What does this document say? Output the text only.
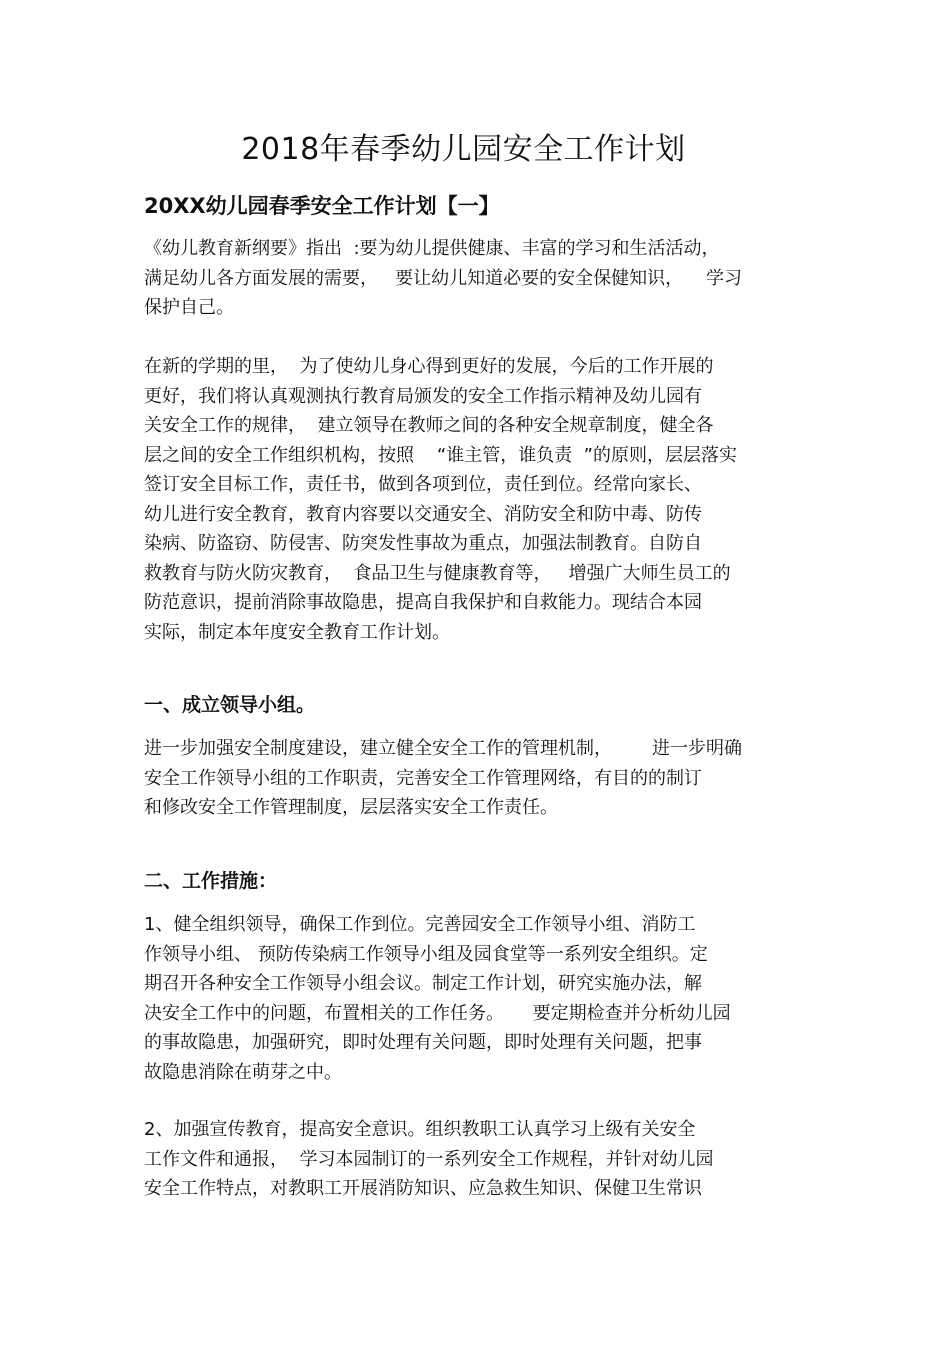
2018年春季幼儿园安全工作计划
20XX幼儿园春季安全工作计划【一】
《幼儿教育新纲要》指出  :要为幼儿提供健康、丰富的学习和生活活动，
满足幼儿各方面发展的需要，   要让幼儿知道必要的安全保健知识，    学习
保护自己。
在新的学期的里，  为了使幼儿身心得到更好的发展，今后的工作开展的
更好，我们将认真观测执行教育局颁发的安全工作指示精神及幼儿园有
关安全工作的规律，  建立领导在教师之间的各种安全规章制度，健全各
层之间的安全工作组织机构，按照    “谁主管，谁负责  ”的原则，层层落实
签订安全目标工作，责任书，做到各项到位，责任到位。经常向家长、
幼儿进行安全教育，教育内容要以交通安全、消防安全和防中毒、防传
染病、防盗窃、防侵害、防突发性事故为重点，加强法制教育。自防自
救教育与防火防灾教育，  食品卫生与健康教育等，   增强广大师生员工的
防范意识，提前消除事故隐患，提高自我保护和自救能力。现结合本园
实际，制定本年度安全教育工作计划。
一、成立领导小组。
进一步加强安全制度建设，建立健全安全工作的管理机制，       进一步明确
安全工作领导小组的工作职责，完善安全工作管理网络，有目的的制订
和修改安全工作管理制度，层层落实安全工作责任。
二、工作措施：
1、健全组织领导，确保工作到位。完善园安全工作领导小组、消防工
作领导小组、 预防传染病工作领导小组及园食堂等一系列安全组织。定
期召开各种安全工作领导小组会议。制定工作计划，研究实施办法，解
决安全工作中的问题，布置相关的工作任务。     要定期检查并分析幼儿园
的事故隐患，加强研究，即时处理有关问题，即时处理有关问题，把事
故隐患消除在萌芽之中。
2、加强宣传教育，提高安全意识。组织教职工认真学习上级有关安全
工作文件和通报，  学习本园制订的一系列安全工作规程，并针对幼儿园
安全工作特点，对教职工开展消防知识、应急救生知识、保健卫生常识
